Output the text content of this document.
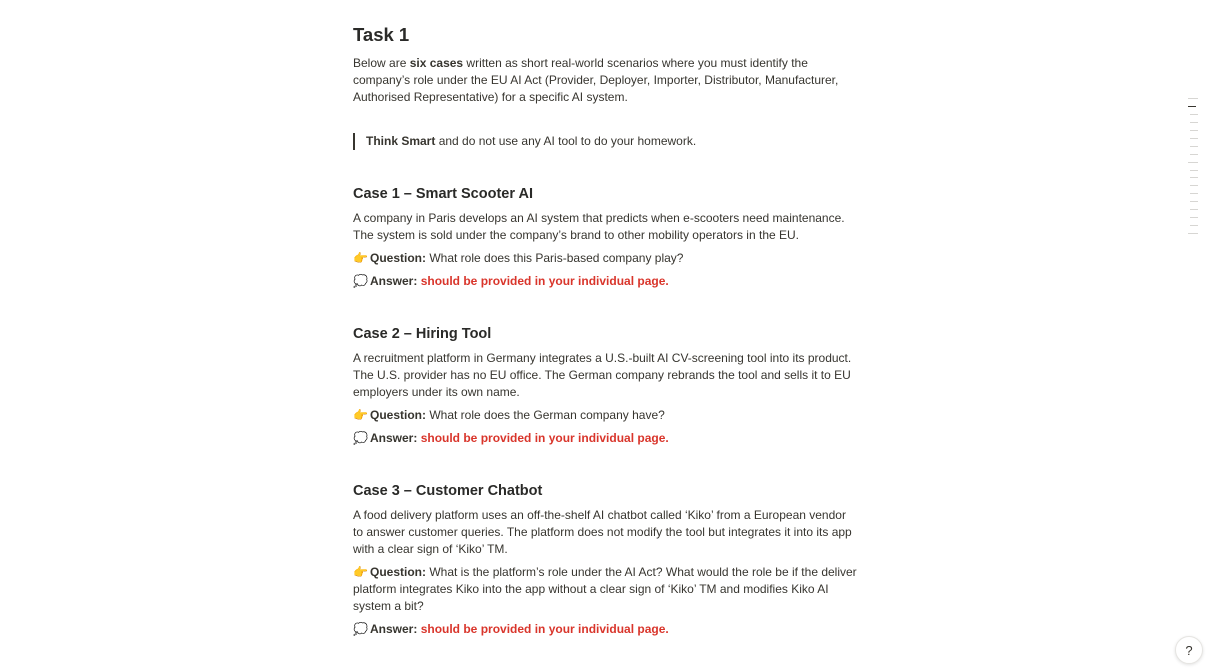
Task 1

Below are six cases written as short real-world scenarios where you must identify the company’s role under the EU AI Act (Provider, Deployer, Importer, Distributor, Manufacturer, Authorised Representative) for a specific AI system.

Think Smart and do not use any AI tool to do your homework.

Case 1 – Smart Scooter AI

A company in Paris develops an AI system that predicts when e-scooters need maintenance. The system is sold under the company’s brand to other mobility operators in the EU.

👉 Question: What role does this Paris-based company play?

💭 Answer: should be provided in your individual page.

Case 2 – Hiring Tool

A recruitment platform in Germany integrates a U.S.-built AI CV-screening tool into its product. The U.S. provider has no EU office. The German company rebrands the tool and sells it to EU employers under its own name.

👉 Question: What role does the German company have?

💭 Answer: should be provided in your individual page.

Case 3 – Customer Chatbot

A food delivery platform uses an off-the-shelf AI chatbot called ‘Kiko’ from a European vendor to answer customer queries. The platform does not modify the tool but integrates it into its app with a clear sign of ‘Kiko’ TM.

👉 Question: What is the platform’s role under the AI Act? What would the role be if the deliver platform integrates Kiko into the app without a clear sign of ‘Kiko’ TM and modifies Kiko AI system a bit?

💭 Answer: should be provided in your individual page.

?
